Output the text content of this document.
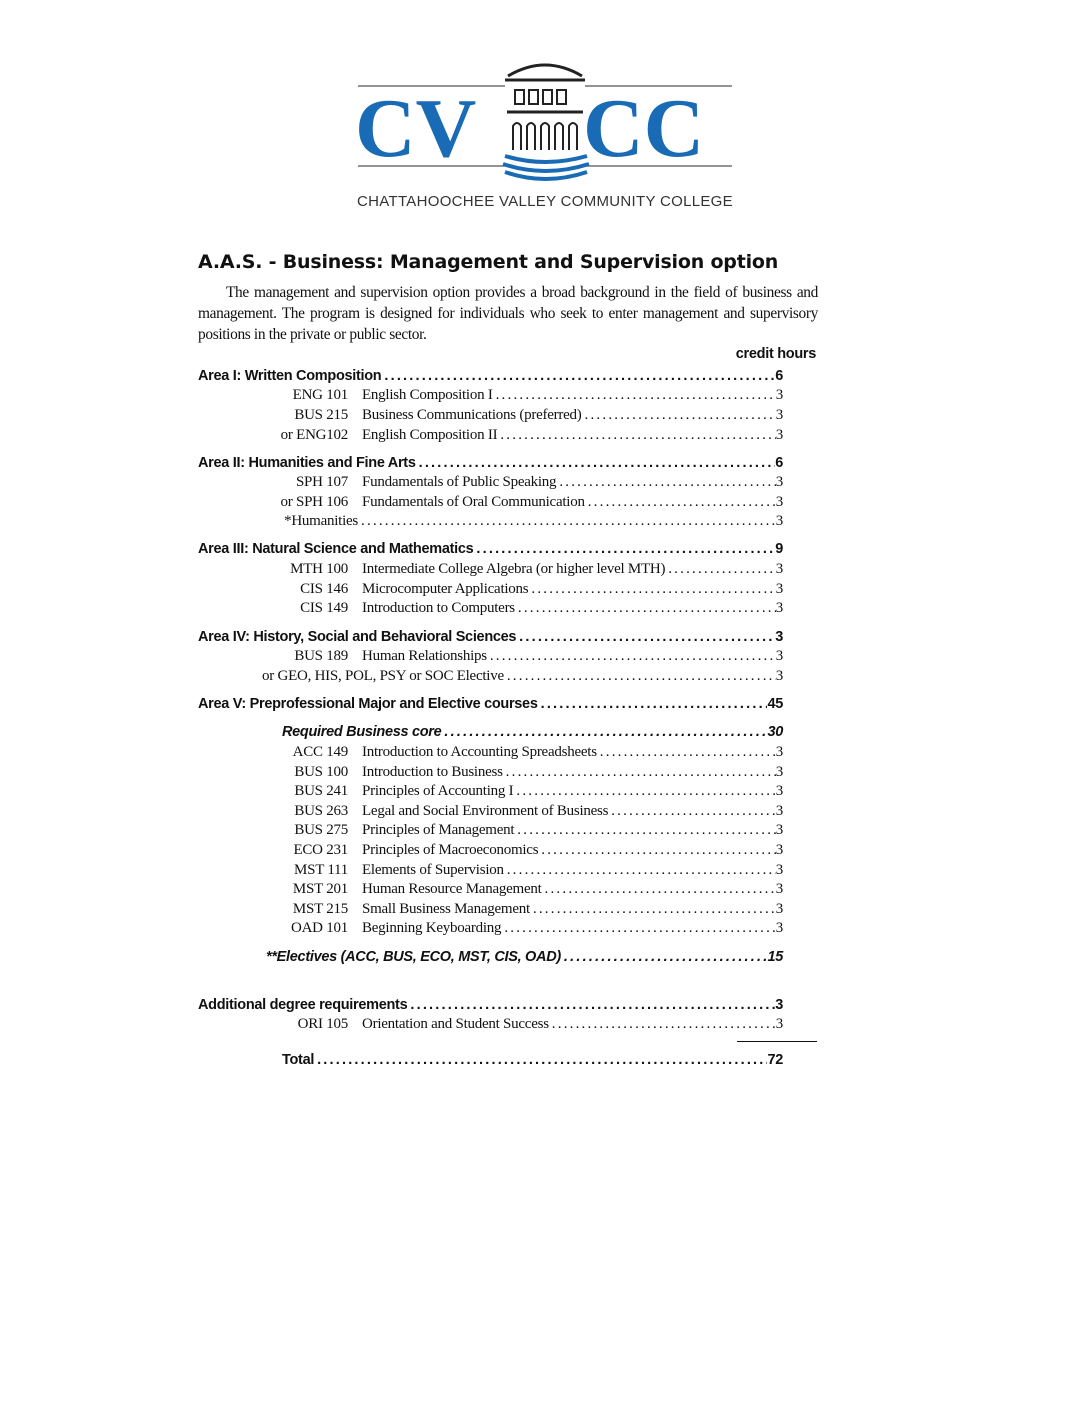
CV CC
CHATTAHOOCHEE VALLEY COMMUNITY COLLEGE
A.A.S. - Business: Management and Supervision option

The management and supervision option provides a broad background in the field of business and management. The program is designed for individuals who seek to enter management and supervisory positions in the private or public sector.

credit hours
Area I: Written Composition .....	6
ENG 101 English Composition I .....	3
BUS 215 Business Communications (preferred) .....	3
or ENG102 English Composition II .....	3
Area II: Humanities and Fine Arts .....	6
SPH 107 Fundamentals of Public Speaking .....	3
or SPH 106 Fundamentals of Oral Communication .....	3
*Humanities .....	3
Area III: Natural Science and Mathematics .....	9
MTH 100 Intermediate College Algebra (or higher level MTH) .....	3
CIS 146 Microcomputer Applications .....	3
CIS 149 Introduction to Computers .....	3
Area IV: History, Social and Behavioral Sciences .....	3
BUS 189 Human Relationships .....	3
or GEO, HIS, POL, PSY or SOC Elective .....	3
Area V: Preprofessional Major and Elective courses .....	45
Required Business core .....	30
ACC 149 Introduction to Accounting Spreadsheets .....	3
BUS 100 Introduction to Business .....	3
BUS 241 Principles of Accounting I .....	3
BUS 263 Legal and Social Environment of Business .....	3
BUS 275 Principles of Management .....	3
ECO 231 Principles of Macroeconomics .....	3
MST 111 Elements of Supervision .....	3
MST 201 Human Resource Management .....	3
MST 215 Small Business Management .....	3
OAD 101 Beginning Keyboarding .....	3
**Electives (ACC, BUS, ECO, MST, CIS, OAD) .....	15
Additional degree requirements .....	3
ORI 105 Orientation and Student Success .....	3
Total .....	72
